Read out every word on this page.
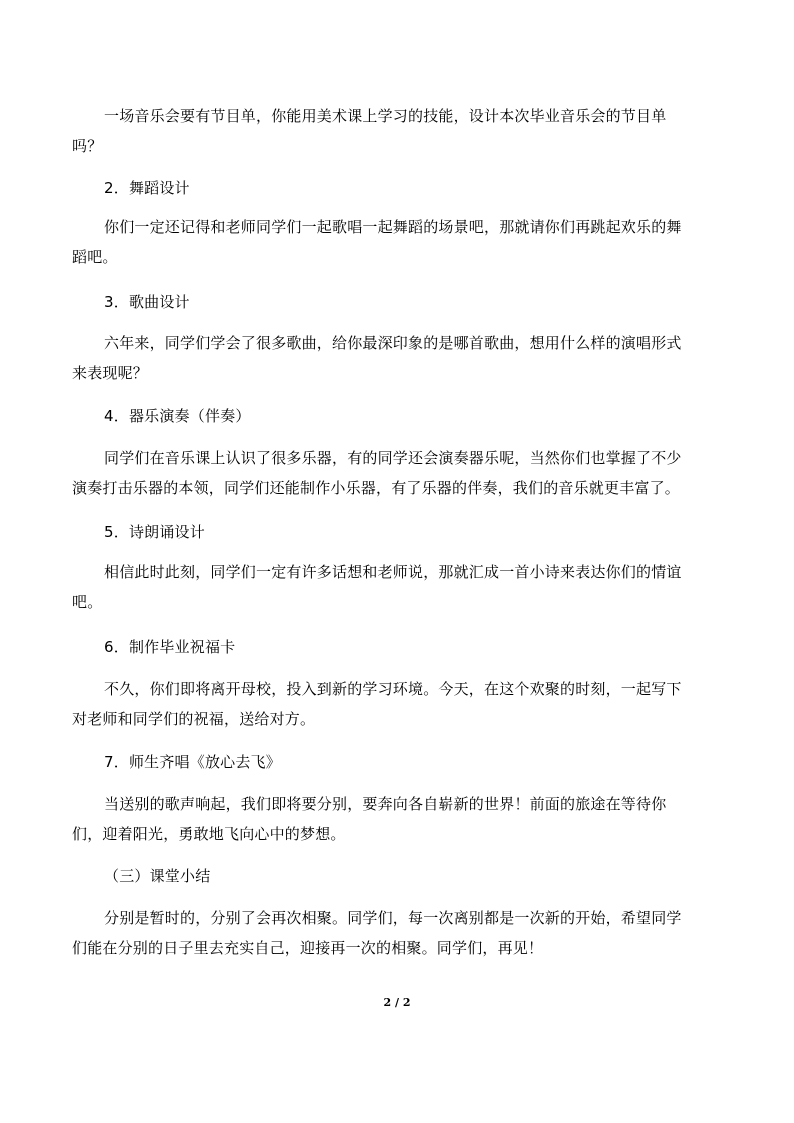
一场音乐会要有节目单，你能用美术课上学习的技能，设计本次毕业音乐会的节目单
吗？
2．舞蹈设计
你们一定还记得和老师同学们一起歌唱一起舞蹈的场景吧，那就请你们再跳起欢乐的舞
蹈吧。
3．歌曲设计
六年来，同学们学会了很多歌曲，给你最深印象的是哪首歌曲，想用什么样的演唱形式
来表现呢？
4．器乐演奏（伴奏）
同学们在音乐课上认识了很多乐器，有的同学还会演奏器乐呢，当然你们也掌握了不少
演奏打击乐器的本领，同学们还能制作小乐器，有了乐器的伴奏，我们的音乐就更丰富了。
5．诗朗诵设计
相信此时此刻，同学们一定有许多话想和老师说，那就汇成一首小诗来表达你们的情谊
吧。
6．制作毕业祝福卡
不久，你们即将离开母校，投入到新的学习环境。今天，在这个欢聚的时刻，一起写下
对老师和同学们的祝福，送给对方。
7．师生齐唱《放心去飞》
当送别的歌声响起，我们即将要分别，要奔向各自崭新的世界！前面的旅途在等待你
们，迎着阳光，勇敢地飞向心中的梦想。
（三）课堂小结
分别是暂时的，分别了会再次相聚。同学们，每一次离别都是一次新的开始，希望同学
们能在分别的日子里去充实自己，迎接再一次的相聚。同学们，再见！
2 / 2
